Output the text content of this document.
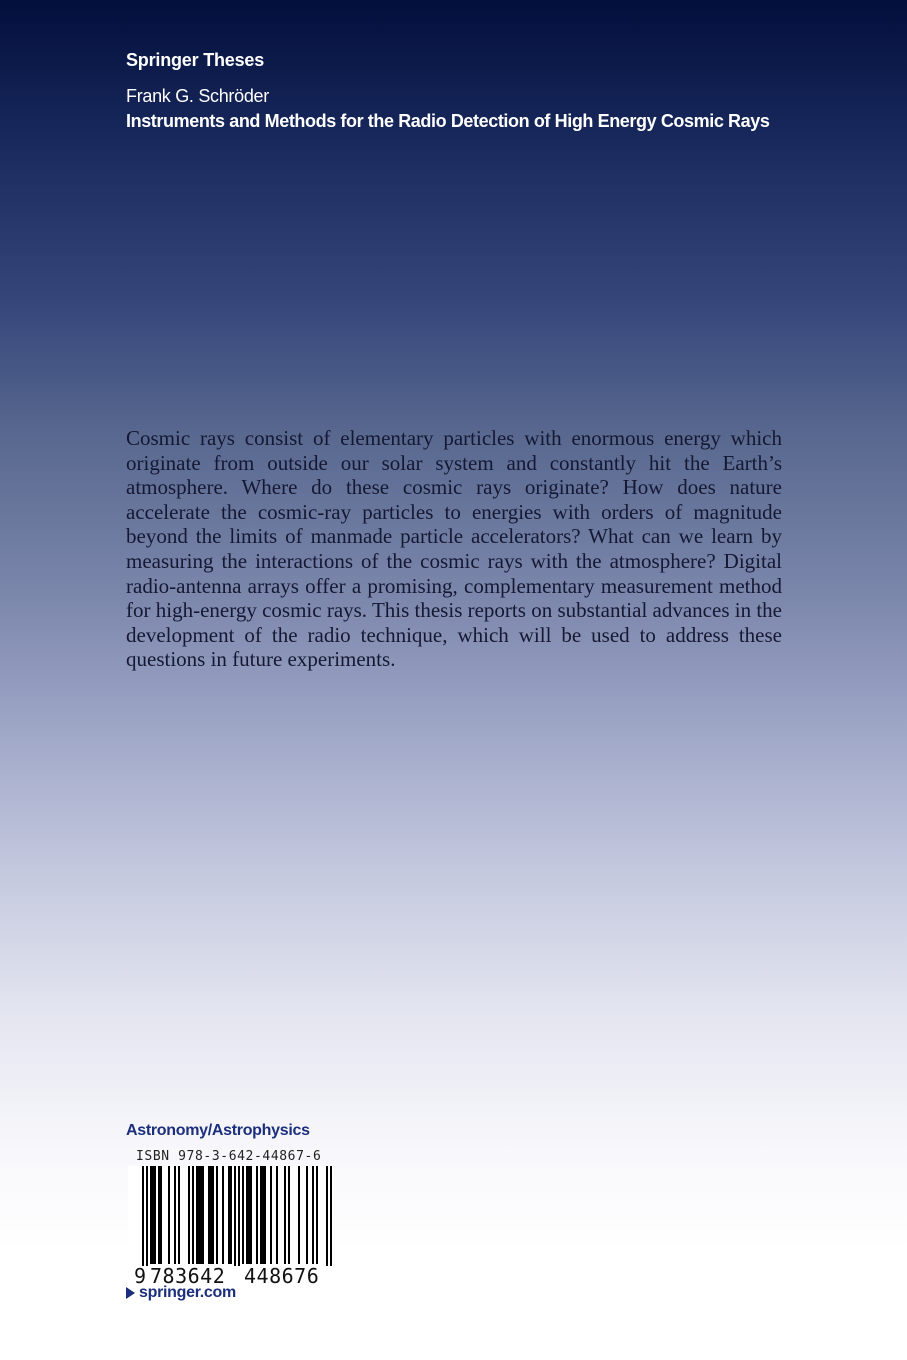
Springer Theses
Frank G. Schröder
Instruments and Methods for the Radio Detection of High Energy Cosmic Rays
Cosmic rays consist of elementary particles with enormous energy which originate from outside our solar system and constantly hit the Earth’s atmosphere. Where do these cosmic rays originate? How does nature accelerate the cosmic-ray particles to energies with orders of magnitude beyond the limits of manmade particle accelerators? What can we learn by measuring the interactions of the cosmic rays with the atmosphere? Digital radio-antenna arrays offer a promising, complementary measurement method for high-energy cosmic rays. This thesis reports on substantial advances in the development of the radio technique, which will be used to address these questions in future experiments.
Astronomy/Astrophysics
ISBN 978-3-642-44867-6
9 783642 448676
springer.com
